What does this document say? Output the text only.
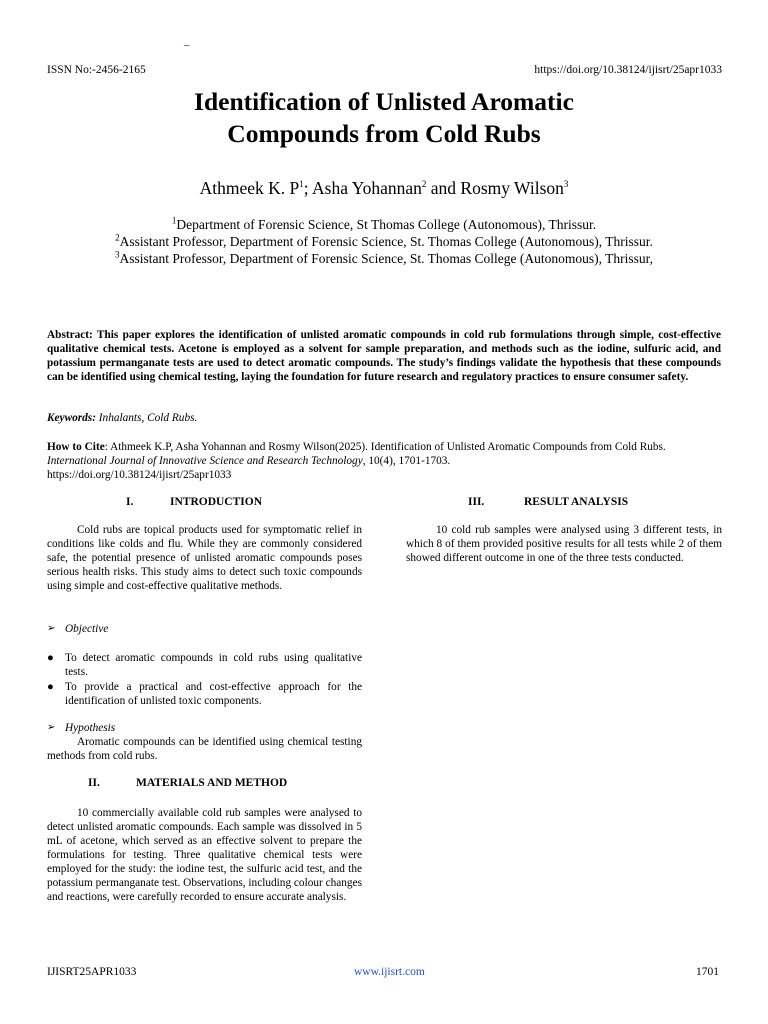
–
ISSN No:-2456-2165	https://doi.org/10.38124/ijisrt/25apr1033
Identification of Unlisted Aromatic
Compounds from Cold Rubs
Athmeek K. $P^1$; Asha Yohannan$^2$ and Rosmy Wilson$^3$
$^1$Department of Forensic Science, St Thomas College (Autonomous), Thrissur.
$^2$Assistant Professor, Department of Forensic Science, St. Thomas College (Autonomous), Thrissur.
$^3$Assistant Professor, Department of Forensic Science, St. Thomas College (Autonomous), Thrissur,
Abstract: This paper explores the identification of unlisted aromatic compounds in cold rub formulations through simple, cost-effective qualitative chemical tests. Acetone is employed as a solvent for sample preparation, and methods such as the iodine, sulfuric acid, and potassium permanganate tests are used to detect aromatic compounds. The study’s findings validate the hypothesis that these compounds can be identified using chemical testing, laying the foundation for future research and regulatory practices to ensure consumer safety.
Keywords: Inhalants, Cold Rubs.
How to Cite: Athmeek K.P, Asha Yohannan and Rosmy Wilson(2025). Identification of Unlisted Aromatic Compounds from Cold Rubs. International Journal of Innovative Science and Research Technology, 10(4), 1701-1703.
https://doi.org/10.38124/ijisrt/25apr1033
I.	INTRODUCTION

Cold rubs are topical products used for symptomatic relief in conditions like colds and flu. While they are commonly considered safe, the potential presence of unlisted aromatic compounds poses serious health risks. This study aims to detect such toxic compounds using simple and cost-effective qualitative methods.

➢ Objective
● To detect aromatic compounds in cold rubs using qualitative tests.
● To provide a practical and cost-effective approach for the identification of unlisted toxic components.
➢ Hypothesis

Aromatic compounds can be identified using chemical testing methods from cold rubs.

II.	MATERIALS AND METHOD

10 commercially available cold rub samples were analysed to detect unlisted aromatic compounds. Each sample was dissolved in 5 mL of acetone, which served as an effective solvent to prepare the formulations for testing. Three qualitative chemical tests were employed for the study: the iodine test, the sulfuric acid test, and the potassium permanganate test. Observations, including colour changes and reactions, were carefully recorded to ensure accurate analysis.

III.	RESULT ANALYSIS

10 cold rub samples were analysed using 3 different tests, in which 8 of them provided positive results for all tests while 2 of them showed different outcome in one of the three tests conducted.

IJISRT25APR1033	www.ijisrt.com	1701
